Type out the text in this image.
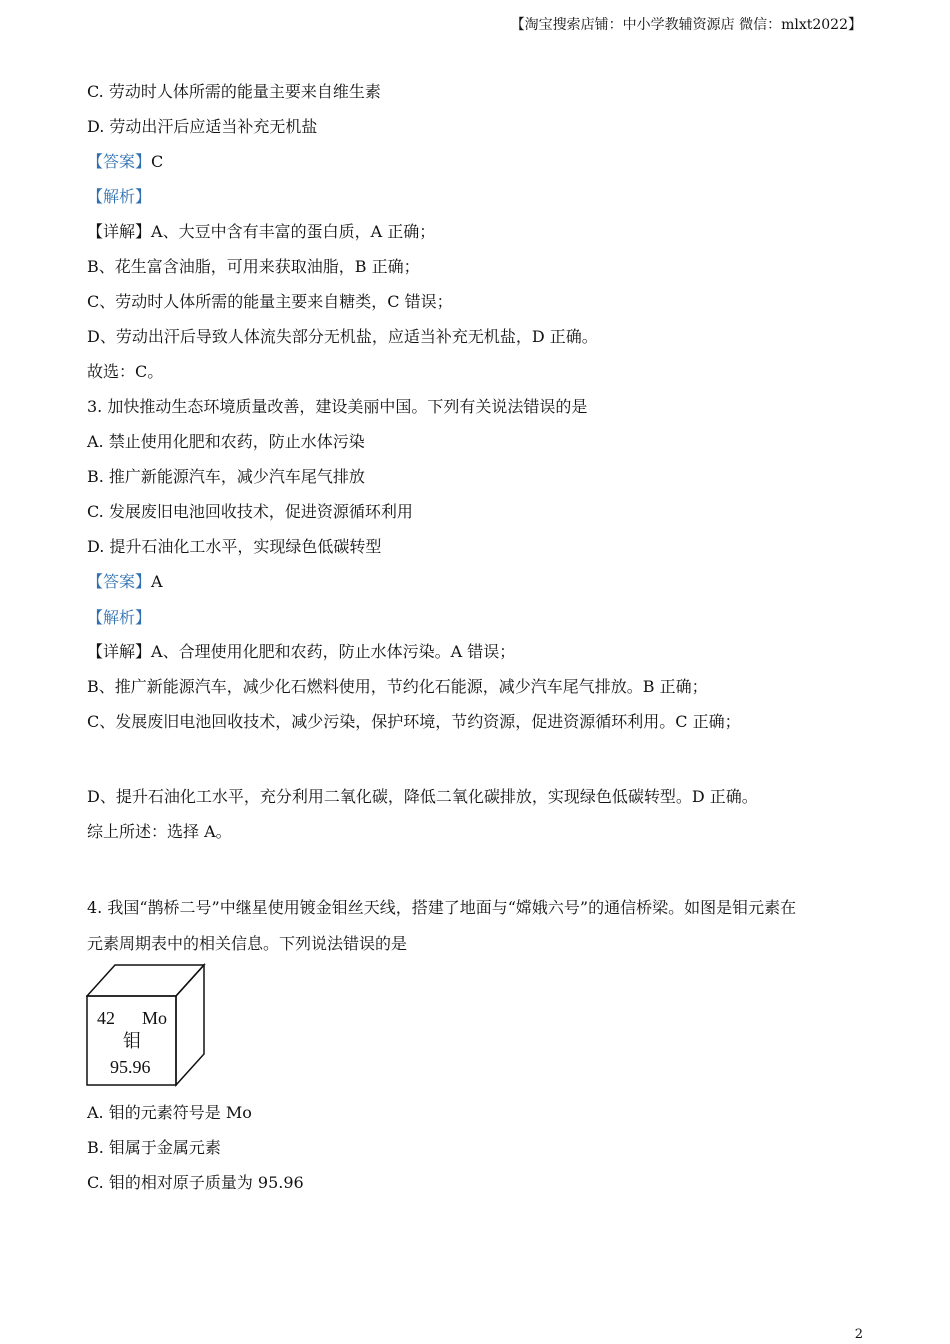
【淘宝搜索店铺：中小学教辅资源店 微信：mlxt2022】
C. 劳动时人体所需的能量主要来自维生素
D. 劳动出汗后应适当补充无机盐
【答案】C
【解析】
【详解】A、大豆中含有丰富的蛋白质，A 正确；
B、花生富含油脂，可用来获取油脂，B 正确；
C、劳动时人体所需的能量主要来自糖类，C 错误；
D、劳动出汗后导致人体流失部分无机盐，应适当补充无机盐，D 正确。
故选：C。
3. 加快推动生态环境质量改善，建设美丽中国。下列有关说法错误的是
A. 禁止使用化肥和农药，防止水体污染
B. 推广新能源汽车，减少汽车尾气排放
C. 发展废旧电池回收技术，促进资源循环利用
D. 提升石油化工水平，实现绿色低碳转型
【答案】A
【解析】
【详解】A、合理使用化肥和农药，防止水体污染。A 错误；
B、推广新能源汽车，减少化石燃料使用，节约化石能源，减少汽车尾气排放。B 正确；
C、发展废旧电池回收技术，减少污染，保护环境，节约资源，促进资源循环利用。C 正确；
D、提升石油化工水平，充分利用二氧化碳，降低二氧化碳排放，实现绿色低碳转型。D 正确。
综上所述：选择 A。
4. 我国“鹊桥二号”中继星使用镀金钼丝天线，搭建了地面与“嫦娥六号”的通信桥梁。如图是钼元素在
元素周期表中的相关信息。下列说法错误的是
42 Mo
钼
95.96
A. 钼的元素符号是 Mo
B. 钼属于金属元素
C. 钼的相对原子质量为 95.96
2
